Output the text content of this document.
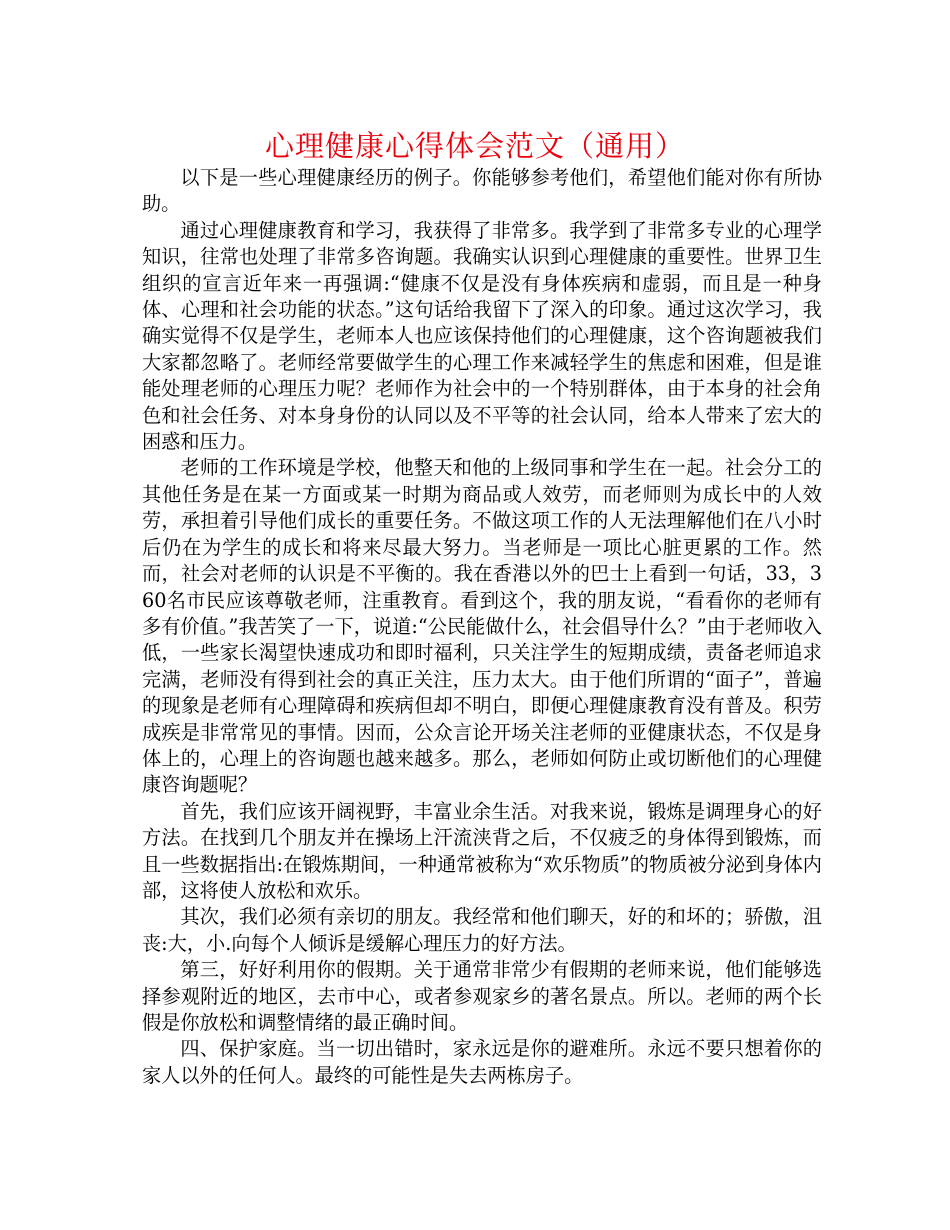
心理健康心得体会范文（通用）

以下是一些心理健康经历的例子。你能够参考他们，希望他们能对你有所协助。

通过心理健康教育和学习，我获得了非常多。我学到了非常多专业的心理学知识，往常也处理了非常多咨询题。我确实认识到心理健康的重要性。世界卫生组织的宣言近年来一再强调:“健康不仅是没有身体疾病和虚弱，而且是一种身体、心理和社会功能的状态。”这句话给我留下了深入的印象。通过这次学习，我确实觉得不仅是学生，老师本人也应该保持他们的心理健康，这个咨询题被我们大家都忽略了。老师经常要做学生的心理工作来减轻学生的焦虑和困难，但是谁能处理老师的心理压力呢？老师作为社会中的一个特别群体，由于本身的社会角色和社会任务、对本身身份的认同以及不平等的社会认同，给本人带来了宏大的困惑和压力。

老师的工作环境是学校，他整天和他的上级同事和学生在一起。社会分工的其他任务是在某一方面或某一时期为商品或人效劳，而老师则为成长中的人效劳，承担着引导他们成长的重要任务。不做这项工作的人无法理解他们在八小时后仍在为学生的成长和将来尽最大努力。当老师是一项比心脏更累的工作。然而，社会对老师的认识是不平衡的。我在香港以外的巴士上看到一句话，33，360名市民应该尊敬老师，注重教育。看到这个，我的朋友说，“看看你的老师有多有价值。”我苦笑了一下，说道:“公民能做什么，社会倡导什么？”由于老师收入低，一些家长渴望快速成功和即时福利，只关注学生的短期成绩，责备老师追求完满，老师没有得到社会的真正关注，压力太大。由于他们所谓的“面子”，普遍的现象是老师有心理障碍和疾病但却不明白，即便心理健康教育没有普及。积劳成疾是非常常见的事情。因而，公众言论开场关注老师的亚健康状态，不仅是身体上的，心理上的咨询题也越来越多。那么，老师如何防止或切断他们的心理健康咨询题呢？

首先，我们应该开阔视野，丰富业余生活。对我来说，锻炼是调理身心的好方法。在找到几个朋友并在操场上汗流浃背之后，不仅疲乏的身体得到锻炼，而且一些数据指出:在锻炼期间，一种通常被称为“欢乐物质”的物质被分泌到身体内部，这将使人放松和欢乐。

其次，我们必须有亲切的朋友。我经常和他们聊天，好的和坏的；骄傲，沮丧:大，小.向每个人倾诉是缓解心理压力的好方法。

第三，好好利用你的假期。关于通常非常少有假期的老师来说，他们能够选择参观附近的地区，去市中心，或者参观家乡的著名景点。所以。老师的两个长假是你放松和调整情绪的最正确时间。

四、保护家庭。当一切出错时，家永远是你的避难所。永远不要只想着你的家人以外的任何人。最终的可能性是失去两栋房子。
